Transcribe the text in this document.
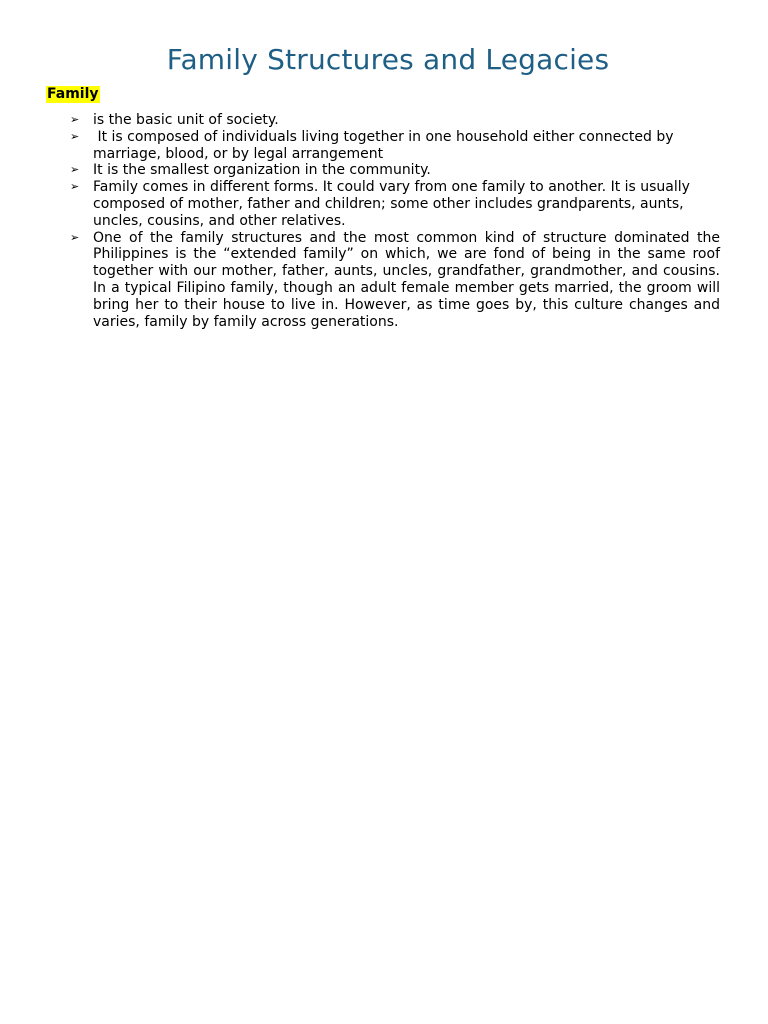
Family Structures and Legacies

Family

➢ is the basic unit of society.
➢ It is composed of individuals living together in one household either connected by marriage, blood, or by legal arrangement
➢ It is the smallest organization in the community.
➢ Family comes in different forms. It could vary from one family to another. It is usually composed of mother, father and children; some other includes grandparents, aunts, uncles, cousins, and other relatives.
➢ One of the family structures and the most common kind of structure dominated the Philippines is the “extended family” on which, we are fond of being in the same roof together with our mother, father, aunts, uncles, grandfather, grandmother, and cousins. In a typical Filipino family, though an adult female member gets married, the groom will bring her to their house to live in. However, as time goes by, this culture changes and varies, family by family across generations.
